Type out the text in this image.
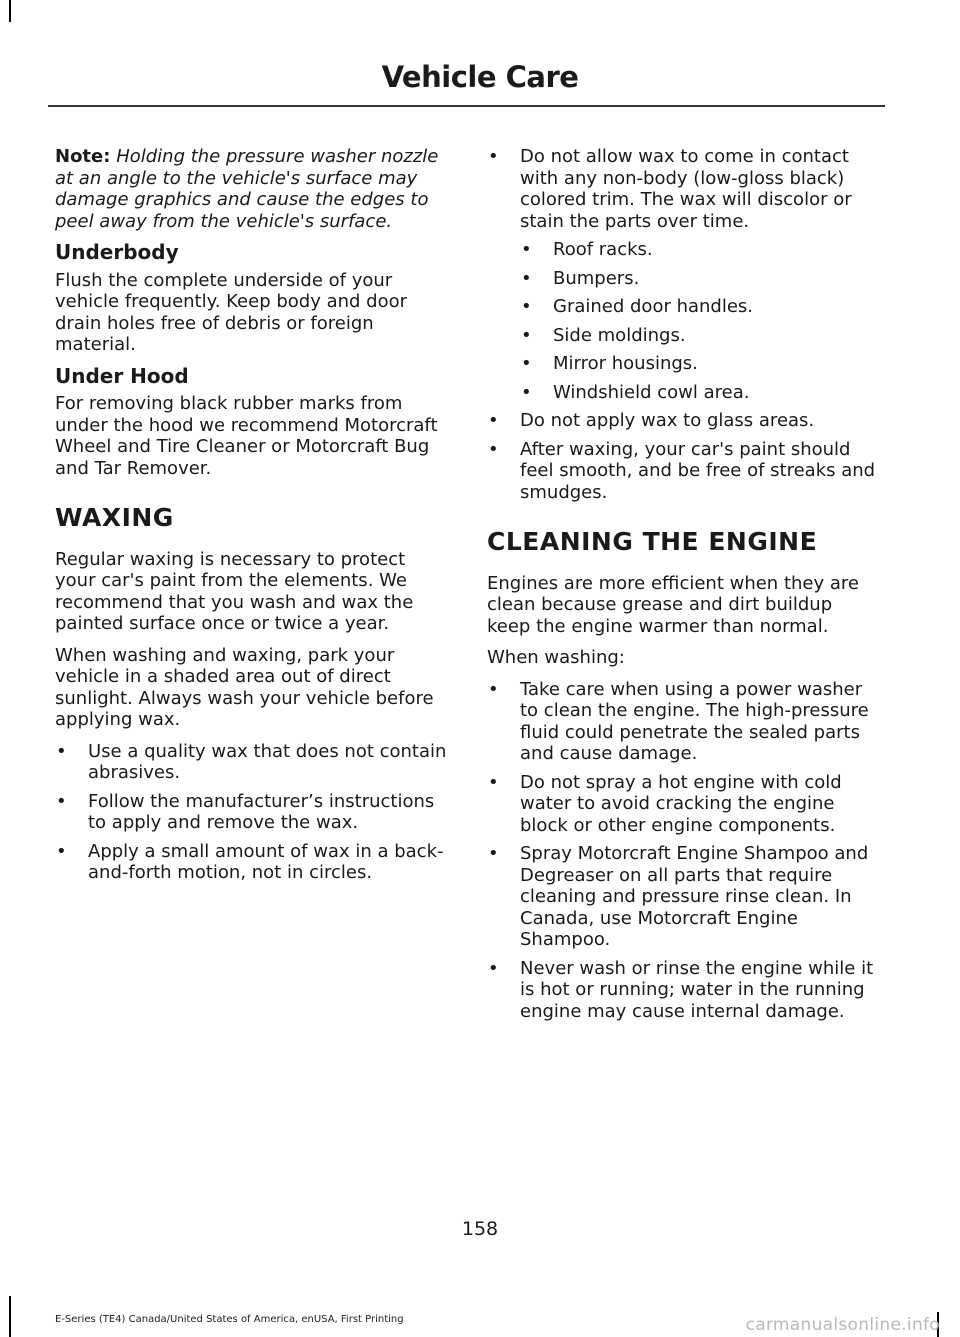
Vehicle Care

Note: Holding the pressure washer nozzle at an angle to the vehicle's surface may damage graphics and cause the edges to peel away from the vehicle's surface.

Underbody

Flush the complete underside of your vehicle frequently. Keep body and door drain holes free of debris or foreign material.

Under Hood

For removing black rubber marks from under the hood we recommend Motorcraft Wheel and Tire Cleaner or Motorcraft Bug and Tar Remover.

WAXING

Regular waxing is necessary to protect your car's paint from the elements. We recommend that you wash and wax the painted surface once or twice a year.

When washing and waxing, park your vehicle in a shaded area out of direct sunlight. Always wash your vehicle before applying wax.

• Use a quality wax that does not contain abrasives.
• Follow the manufacturer’s instructions to apply and remove the wax.
• Apply a small amount of wax in a back-and-forth motion, not in circles.
• Do not allow wax to come in contact with any non-body (low-gloss black) colored trim. The wax will discolor or stain the parts over time.
• Roof racks.
• Bumpers.
• Grained door handles.
• Side moldings.
• Mirror housings.
• Windshield cowl area.
• Do not apply wax to glass areas.
• After waxing, your car's paint should feel smooth, and be free of streaks and smudges.
CLEANING THE ENGINE

Engines are more efficient when they are clean because grease and dirt buildup keep the engine warmer than normal.

When washing:

• Take care when using a power washer to clean the engine. The high-pressure fluid could penetrate the sealed parts and cause damage.
• Do not spray a hot engine with cold water to avoid cracking the engine block or other engine components.
• Spray Motorcraft Engine Shampoo and Degreaser on all parts that require cleaning and pressure rinse clean. In Canada, use Motorcraft Engine Shampoo.
• Never wash or rinse the engine while it is hot or running; water in the running engine may cause internal damage.
158
E-Series (TE4) Canada/United States of America, enUSA, First Printing	carmanualsonline.info
